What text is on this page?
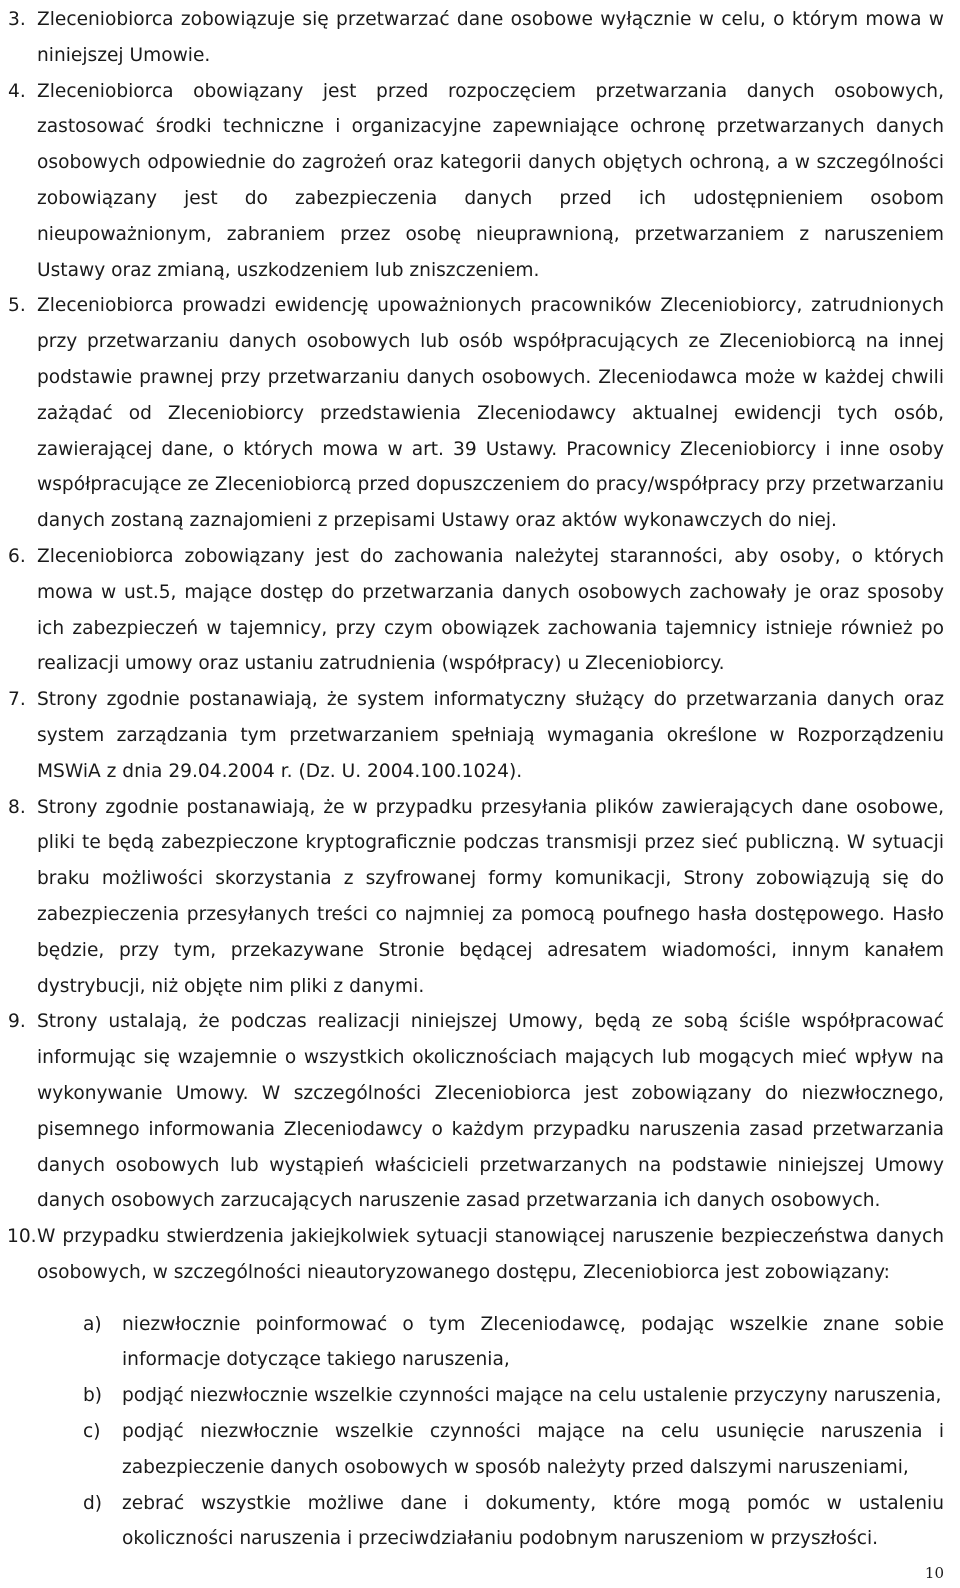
3. Zleceniobiorca zobowiązuje się przetwarzać dane osobowe wyłącznie w celu, o którym mowa w niniejszej Umowie.
4. Zleceniobiorca obowiązany jest przed rozpoczęciem przetwarzania danych osobowych, zastosować środki techniczne i organizacyjne zapewniające ochronę przetwarzanych danych osobowych odpowiednie do zagrożeń oraz kategorii danych objętych ochroną, a w szczególności zobowiązany jest do zabezpieczenia danych przed ich udostępnieniem osobom nieupoważnionym, zabraniem przez osobę nieuprawnioną, przetwarzaniem z naruszeniem Ustawy oraz zmianą, uszkodzeniem lub zniszczeniem.
5. Zleceniobiorca prowadzi ewidencję upoważnionych pracowników Zleceniobiorcy, zatrudnionych przy przetwarzaniu danych osobowych lub osób współpracujących ze Zleceniobiorcą na innej podstawie prawnej przy przetwarzaniu danych osobowych. Zleceniodawca może w każdej chwili zażądać od Zleceniobiorcy przedstawienia Zleceniodawcy aktualnej ewidencji tych osób, zawierającej dane, o których mowa w art. 39 Ustawy. Pracownicy Zleceniobiorcy i inne osoby współpracujące ze Zleceniobiorcą przed dopuszczeniem do pracy/współpracy przy przetwarzaniu danych zostaną zaznajomieni z przepisami Ustawy oraz aktów wykonawczych do niej.
6. Zleceniobiorca zobowiązany jest do zachowania należytej staranności, aby osoby, o których mowa w ust.5, mające dostęp do przetwarzania danych osobowych zachowały je oraz sposoby ich zabezpieczeń w tajemnicy, przy czym obowiązek zachowania tajemnicy istnieje również po realizacji umowy oraz ustaniu zatrudnienia (współpracy) u Zleceniobiorcy.
7. Strony zgodnie postanawiają, że system informatyczny służący do przetwarzania danych oraz system zarządzania tym przetwarzaniem spełniają wymagania określone w Rozporządzeniu MSWiA z dnia 29.04.2004 r. (Dz. U. 2004.100.1024).
8. Strony zgodnie postanawiają, że w przypadku przesyłania plików zawierających dane osobowe, pliki te będą zabezpieczone kryptograficznie podczas transmisji przez sieć publiczną. W sytuacji braku możliwości skorzystania z szyfrowanej formy komunikacji, Strony zobowiązują się do zabezpieczenia przesyłanych treści co najmniej za pomocą poufnego hasła dostępowego. Hasło będzie, przy tym, przekazywane Stronie będącej adresatem wiadomości, innym kanałem dystrybucji, niż objęte nim pliki z danymi.
9. Strony ustalają, że podczas realizacji niniejszej Umowy, będą ze sobą ściśle współpracować informując się wzajemnie o wszystkich okolicznościach mających lub mogących mieć wpływ na wykonywanie Umowy. W szczególności Zleceniobiorca jest zobowiązany do niezwłocznego, pisemnego informowania Zleceniodawcy o każdym przypadku naruszenia zasad przetwarzania danych osobowych lub wystąpień właścicieli przetwarzanych na podstawie niniejszej Umowy danych osobowych zarzucających naruszenie zasad przetwarzania ich danych osobowych.
10. W przypadku stwierdzenia jakiejkolwiek sytuacji stanowiącej naruszenie bezpieczeństwa danych osobowych, w szczególności nieautoryzowanego dostępu, Zleceniobiorca jest zobowiązany:
a) niezwłocznie poinformować o tym Zleceniodawcę, podając wszelkie znane sobie informacje dotyczące takiego naruszenia,
b) podjąć niezwłocznie wszelkie czynności mające na celu ustalenie przyczyny naruszenia,
c) podjąć niezwłocznie wszelkie czynności mające na celu usunięcie naruszenia i zabezpieczenie danych osobowych w sposób należyty przed dalszymi naruszeniami,
d) zebrać wszystkie możliwe dane i dokumenty, które mogą pomóc w ustaleniu okoliczności naruszenia i przeciwdziałaniu podobnym naruszeniom w przyszłości.
10
